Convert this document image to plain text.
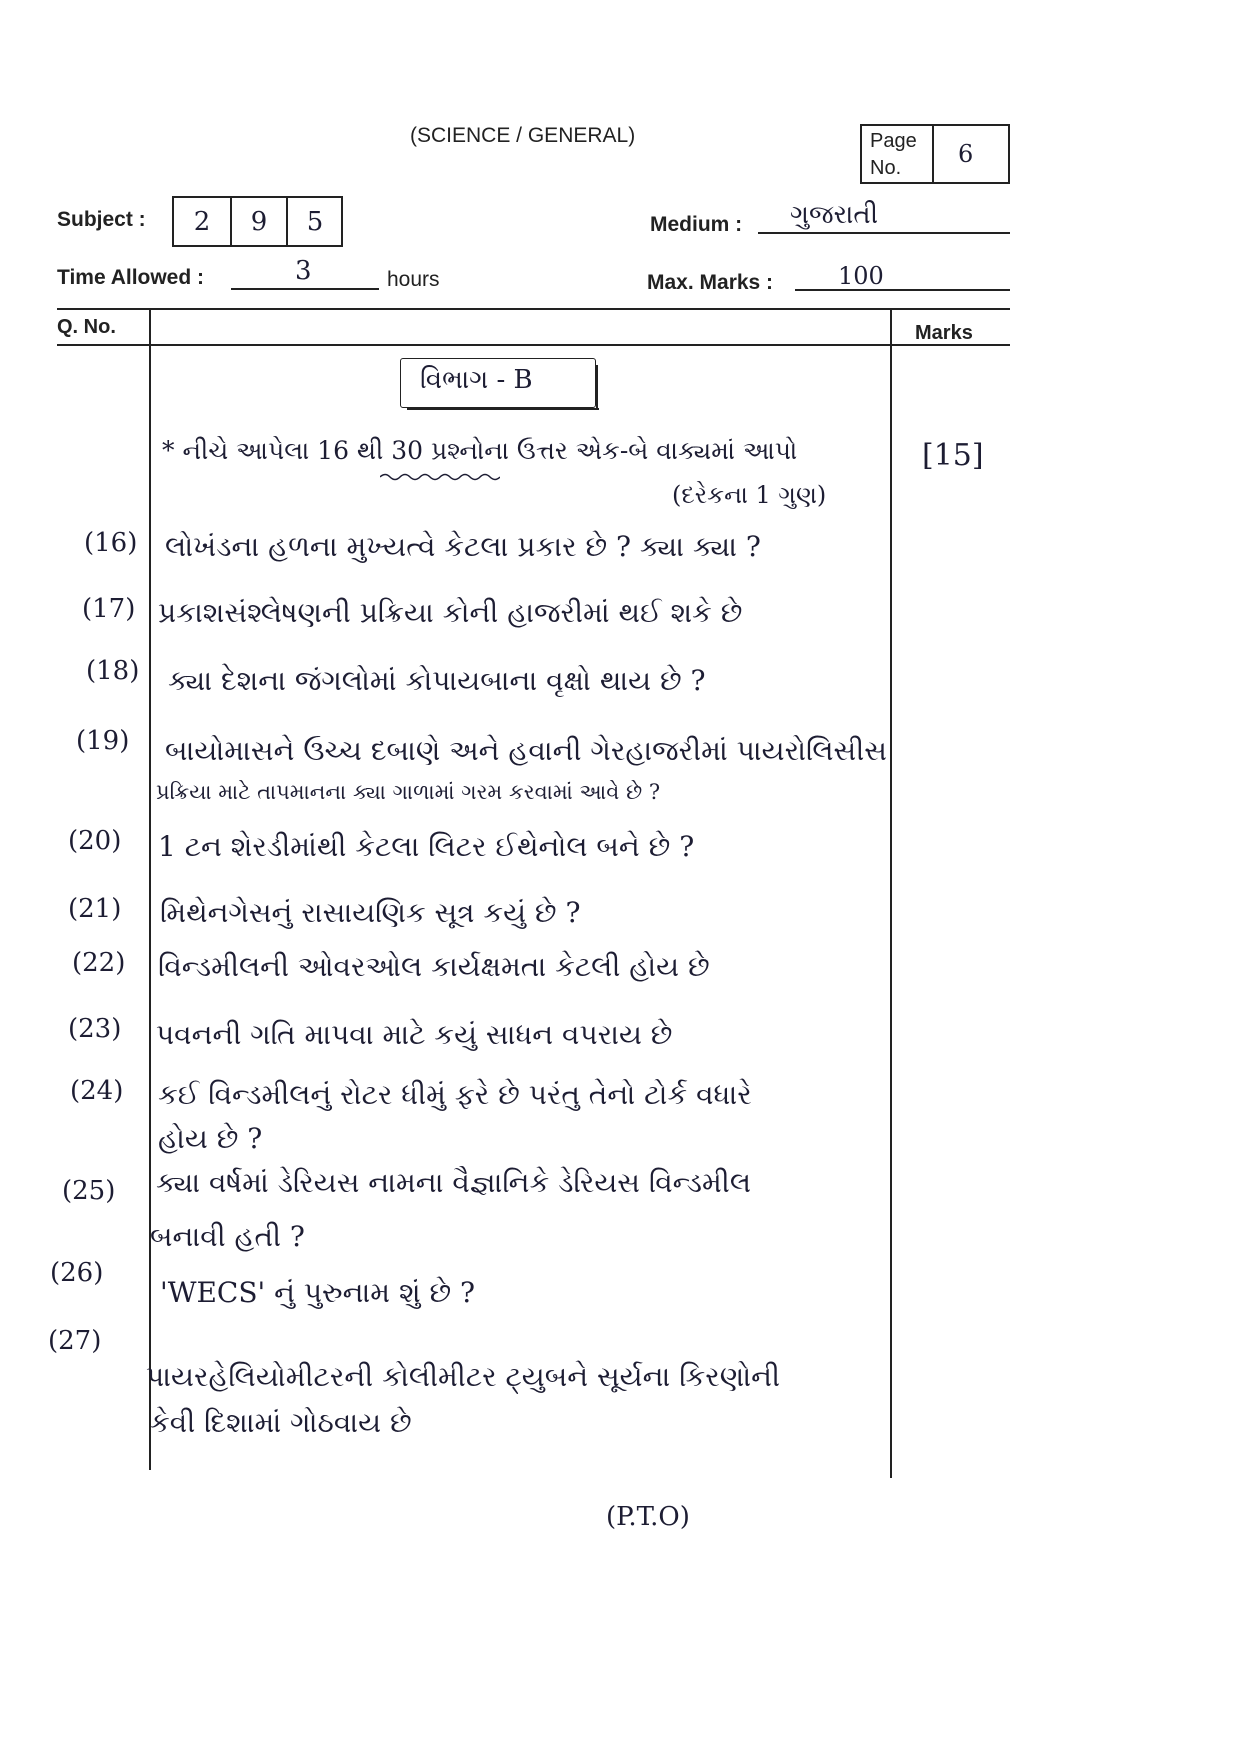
(SCIENCE / GENERAL)	Page
No. 6
Subject :	2	9	5	Medium : ગુજરાતી
Time Allowed :	3	hours	Max. Marks :	100
Q. No.	Marks
વિભાગ - B
* નીચે આપેલા 16 થી 30 પ્રશ્નોના ઉત્તર એક-બે વાક્યમાં આપો	[15]
(દરેકના 1 ગુણ)
(16) લોખંડના હળના મુખ્યત્વે કેટલા પ્રકાર છે ? ક્યા ક્યા ?
(17) પ્રકાશસંશ્લેષણની પ્રક્રિયા કોની હાજરીમાં થઈ શકે છે
(18) ક્યા દેશના જંગલોમાં કોપાયબાના વૃક્ષો થાય છે ?
(19) બાયોમાસને ઉચ્ચ દબાણે અને હવાની ગેરહાજરીમાં પાયરોલિસીસ
પ્રક્રિયા માટે તાપમાનના ક્યા ગાળામાં ગરમ કરવામાં આવે છે ?
(20) 1 ટન શેરડીમાંથી કેટલા લિટર ઈથેનોલ બને છે ?
(21) મિથેનગેસનું રાસાયણિક સૂત્ર કયું છે ?
(22) વિન્ડમીલની ઓવરઓલ કાર્યક્ષમતા કેટલી હોય છે
(23) પવનની ગતિ માપવા માટે કયું સાધન વપરાય છે
(24) કઈ વિન્ડમીલનું રોટર ધીમું ફરે છે પરંતુ તેનો ટોર્ક વધારે
હોય છે ?
(25) ક્યા વર્ષમાં ડેરિયસ નામના વૈજ્ઞાનિકે ડેરિયસ વિન્ડમીલ
બનાવી હતી ?
(26)
'WECS' નું પુરુનામ શું છે ?
(27)
પાયરહેલિયોમીટરની કોલીમીટર ટ્યુબને સૂર્યના કિરણોની
કેવી દિશામાં ગોઠવાય છે
(P.T.O)
